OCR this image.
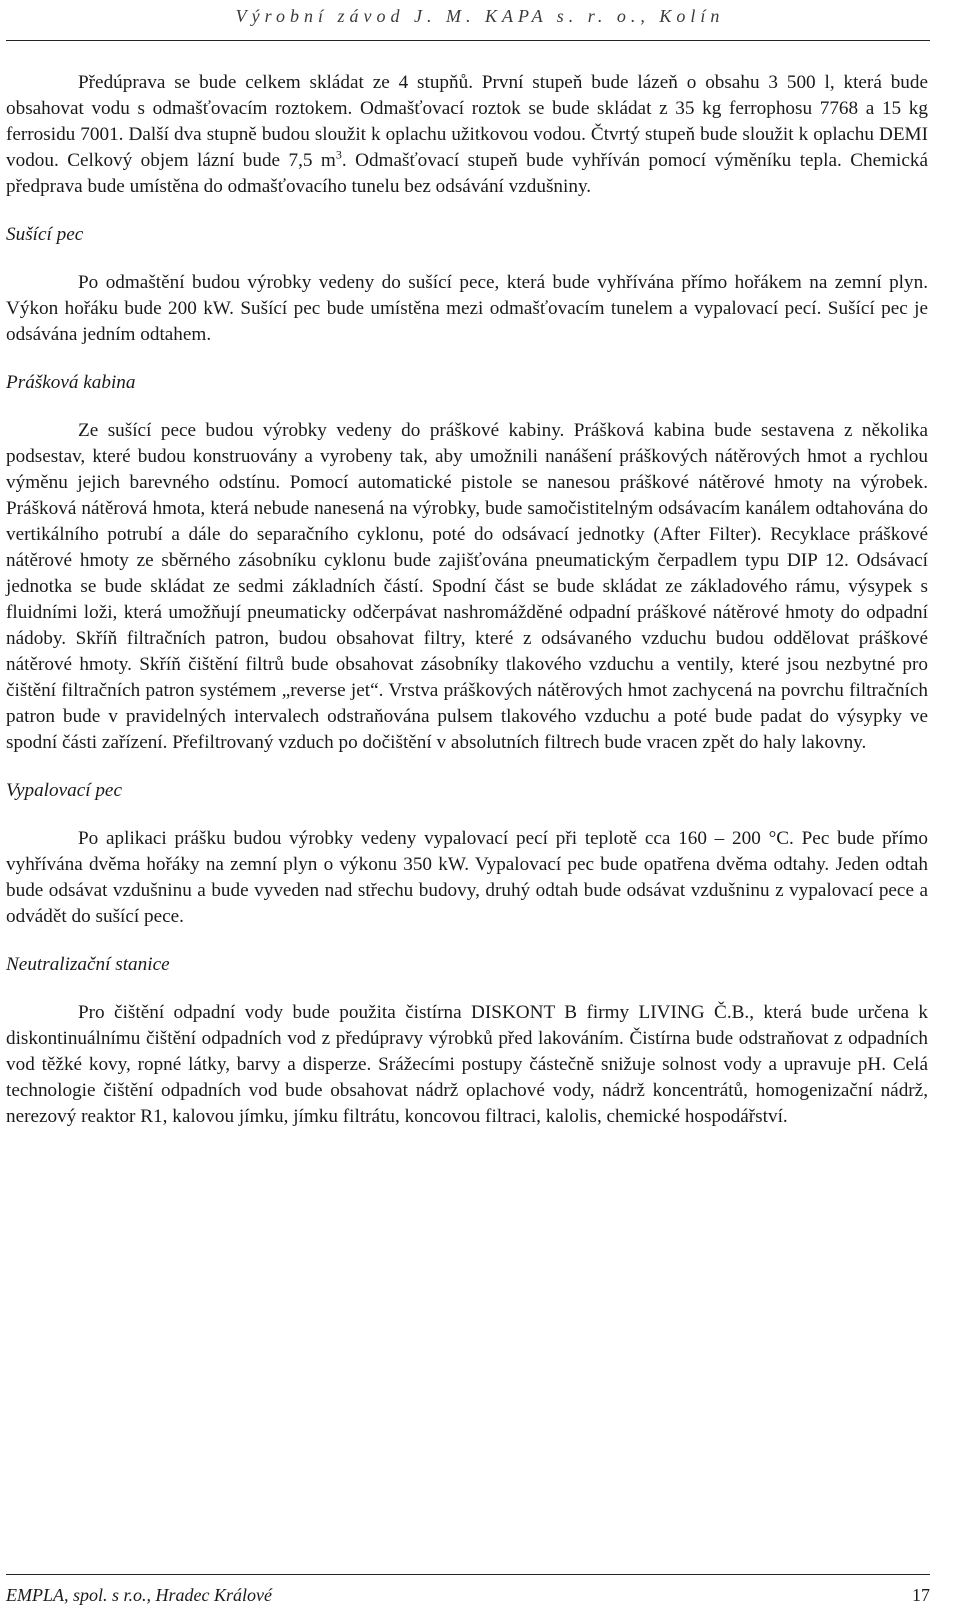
Výrobní závod J. M. KAPA s. r. o., Kolín

Předúprava se bude celkem skládat ze 4 stupňů. První stupeň bude lázeň o obsahu 3 500 l, která bude obsahovat vodu s odmašťovacím roztokem. Odmašťovací roztok se bude skládat z 35 kg ferrophosu 7768 a 15 kg ferrosidu 7001. Další dva stupně budou sloužit k oplachu užitkovou vodou. Čtvrtý stupeň bude sloužit k oplachu DEMI vodou. Celkový objem lázní bude 7,5 $m^3$. Odmašťovací stupeň bude vyhříván pomocí výměníku tepla. Chemická předprava bude umístěna do odmašťovacího tunelu bez odsávání vzdušniny.

Sušící pec

Po odmaštění budou výrobky vedeny do sušící pece, která bude vyhřívána přímo hořákem na zemní plyn. Výkon hořáku bude 200 kW. Sušící pec bude umístěna mezi odmašťovacím tunelem a vypalovací pecí. Sušící pec je odsávána jedním odtahem.

Prášková kabina

Ze sušící pece budou výrobky vedeny do práškové kabiny. Prášková kabina bude sestavena z několika podsestav, které budou konstruovány a vyrobeny tak, aby umožnili nanášení práškových nátěrových hmot a rychlou výměnu jejich barevného odstínu. Pomocí automatické pistole se nanesou práškové nátěrové hmoty na výrobek. Prášková nátěrová hmota, která nebude nanesená na výrobky, bude samočistitelným odsávacím kanálem odtahována do vertikálního potrubí a dále do separačního cyklonu, poté do odsávací jednotky (After Filter). Recyklace práškové nátěrové hmoty ze sběrného zásobníku cyklonu bude zajišťována pneumatickým čerpadlem typu DIP 12. Odsávací jednotka se bude skládat ze sedmi základních částí. Spodní část se bude skládat ze základového rámu, výsypek s fluidními loži, která umožňují pneumaticky odčerpávat nashromážděné odpadní práškové nátěrové hmoty do odpadní nádoby. Skříň filtračních patron, budou obsahovat filtry, které z odsávaného vzduchu budou oddělovat práškové nátěrové hmoty. Skříň čištění filtrů bude obsahovat zásobníky tlakového vzduchu a ventily, které jsou nezbytné pro čištění filtračních patron systémem „reverse jet“. Vrstva práškových nátěrových hmot zachycená na povrchu filtračních patron bude v pravidelných intervalech odstraňována pulsem tlakového vzduchu a poté bude padat do výsypky ve spodní části zařízení. Přefiltrovaný vzduch po dočištění v absolutních filtrech bude vracen zpět do haly lakovny.

Vypalovací pec

Po aplikaci prášku budou výrobky vedeny vypalovací pecí při teplotě cca 160 – 200 °C. Pec bude přímo vyhřívána dvěma hořáky na zemní plyn o výkonu 350 kW. Vypalovací pec bude opatřena dvěma odtahy. Jeden odtah bude odsávat vzdušninu a bude vyveden nad střechu budovy, druhý odtah bude odsávat vzdušninu z vypalovací pece a odvádět do sušící pece.

Neutralizační stanice

Pro čištění odpadní vody bude použita čistírna DISKONT B firmy LIVING Č.B., která bude určena k diskontinuálnímu čištění odpadních vod z předúpravy výrobků před lakováním. Čistírna bude odstraňovat z odpadních vod těžké kovy, ropné látky, barvy a disperze. Srážecími postupy částečně snižuje solnost vody a upravuje pH. Celá technologie čištění odpadních vod bude obsahovat nádrž oplachové vody, nádrž koncentrátů, homogenizační nádrž, nerezový reaktor R1, kalovou jímku, jímku filtrátu, koncovou filtraci, kalolis, chemické hospodářství.

EMPLA, spol. s r.o., Hradec Králové	17
